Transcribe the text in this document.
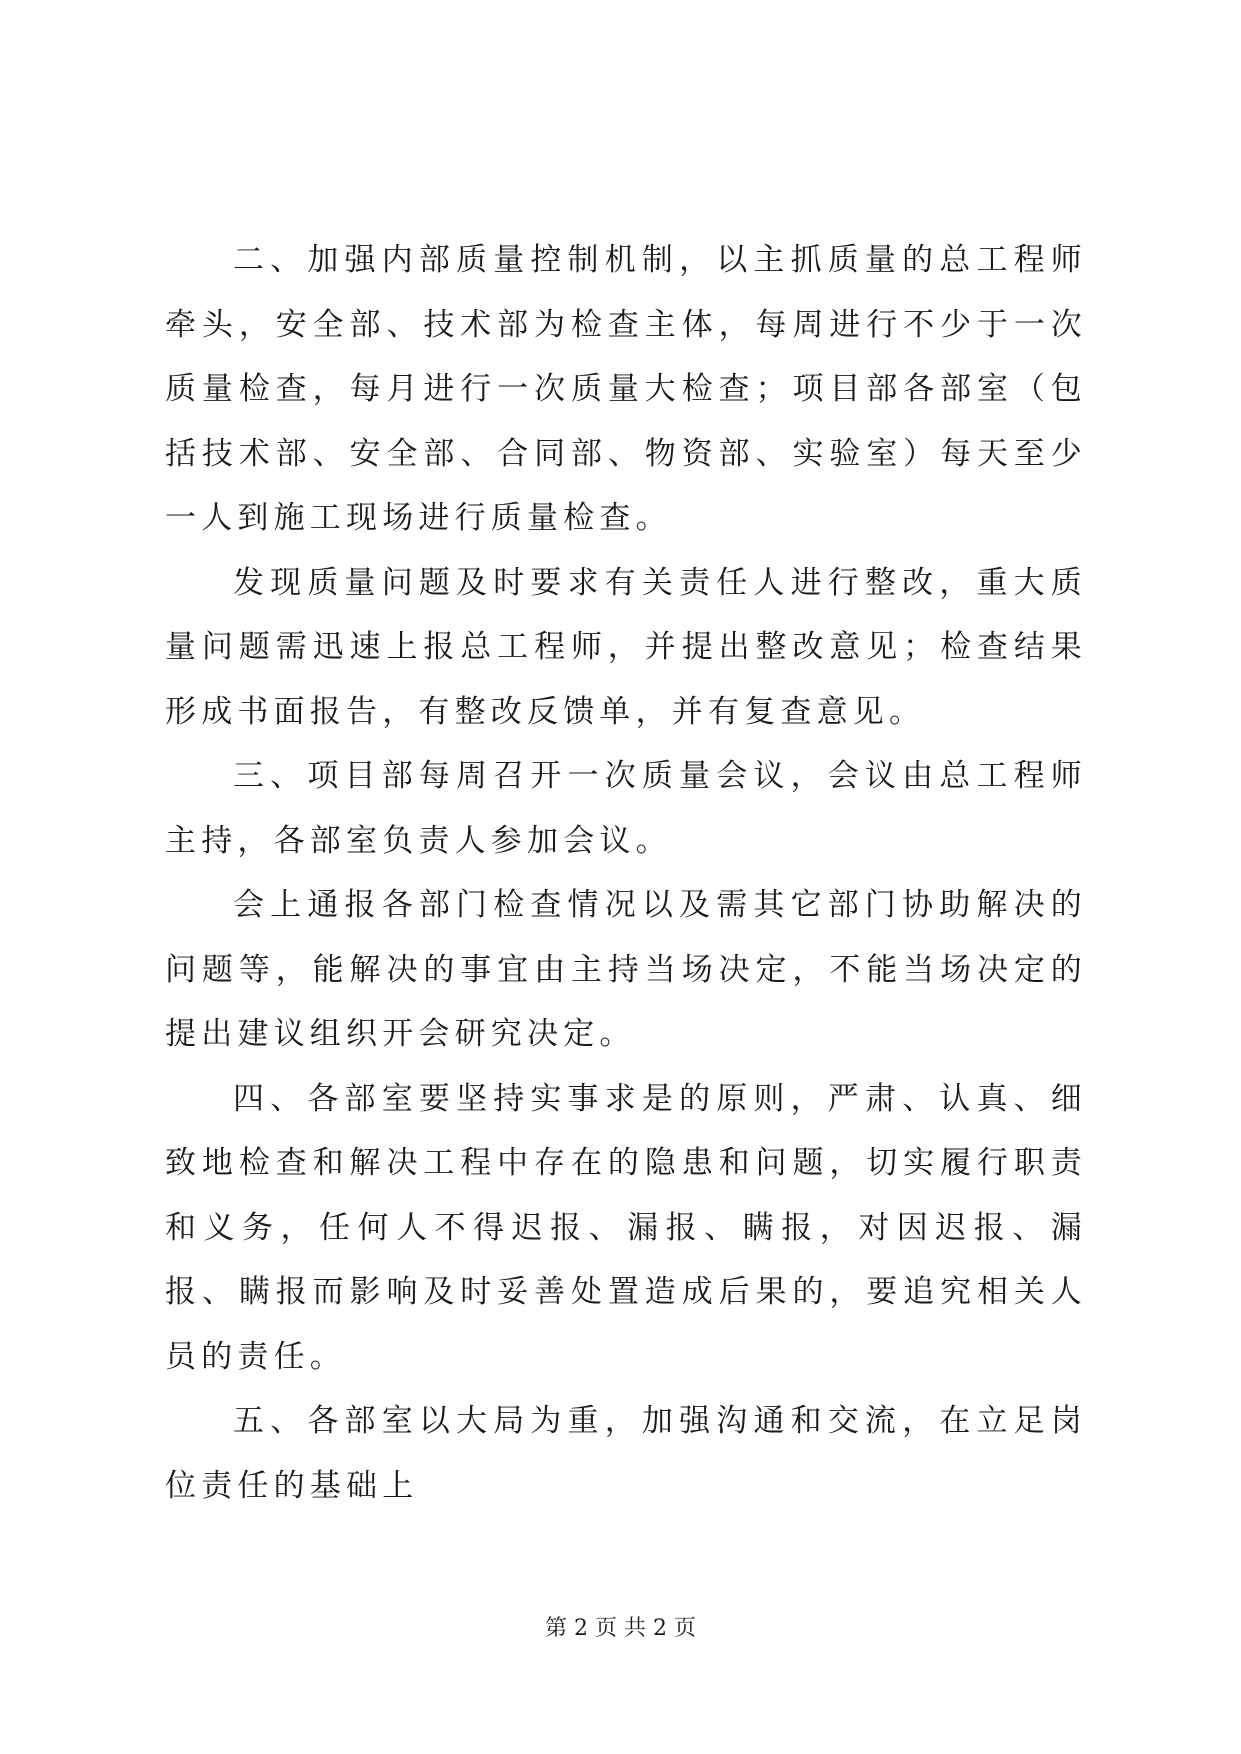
二、加强内部质量控制机制，以主抓质量的总工程师牵头，安全部、技术部为检查主体，每周进行不少于一次质量检查，每月进行一次质量大检查；项目部各部室（包括技术部、安全部、合同部、物资部、实验室）每天至少一人到施工现场进行质量检查。

发现质量问题及时要求有关责任人进行整改，重大质量问题需迅速上报总工程师，并提出整改意见；检查结果形成书面报告，有整改反馈单，并有复查意见。

三、项目部每周召开一次质量会议，会议由总工程师主持，各部室负责人参加会议。

会上通报各部门检查情况以及需其它部门协助解决的问题等，能解决的事宜由主持当场决定，不能当场决定的提出建议组织开会研究决定。

四、各部室要坚持实事求是的原则，严肃、认真、细致地检查和解决工程中存在的隐患和问题，切实履行职责和义务，任何人不得迟报、漏报、瞒报，对因迟报、漏报、瞒报而影响及时妥善处置造成后果的，要追究相关人员的责任。

五、各部室以大局为重，加强沟通和交流，在立足岗位责任的基础上

第 2 页 共 2 页
